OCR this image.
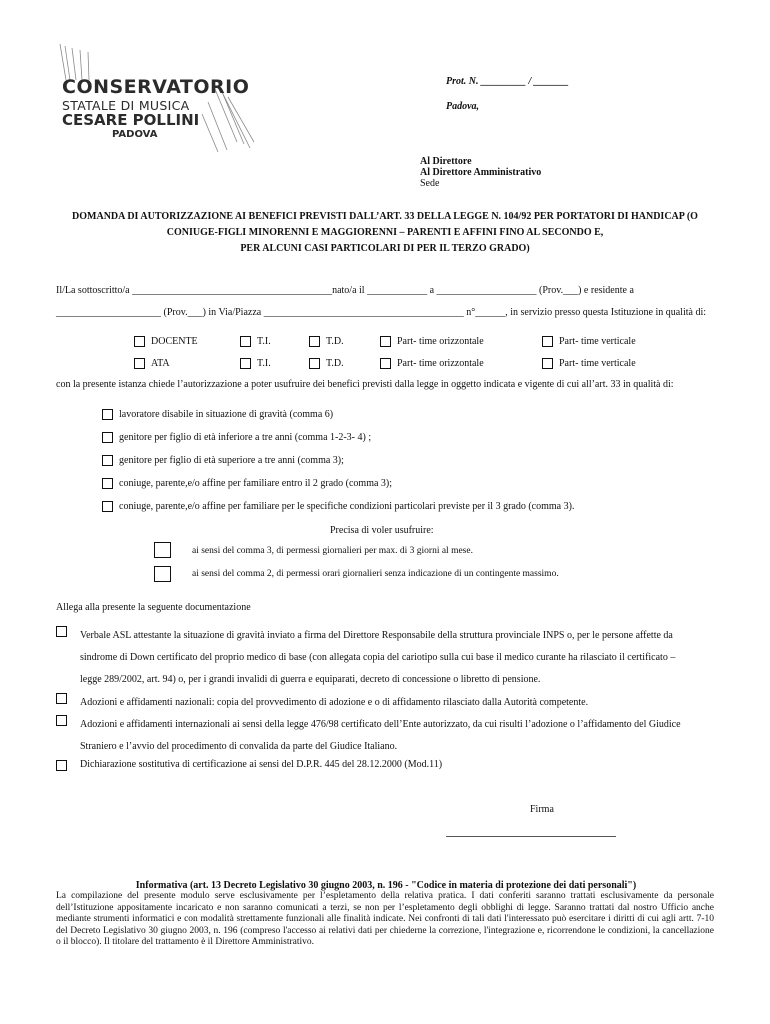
CONSERVATORIO
STATALE DI MUSICA
CESARE POLLINI
PADOVA
Prot. N. _________ / _______
Padova,
Al Direttore
Al Direttore Amministrativo
Sede
DOMANDA DI AUTORIZZAZIONE AI BENEFICI PREVISTI DALL’ART. 33 DELLA LEGGE N. 104/92 PER PORTATORI DI HANDICAP (O
CONIUGE-FIGLI MINORENNI E MAGGIORENNI – PARENTI E AFFINI FINO AL SECONDO E,
PER ALCUNI CASI PARTICOLARI DI PER IL TERZO GRADO)
Il/La sottoscritto/a ________________________________________nato/a il ____________ a ____________________ (Prov.___) e residente a
_____________________ (Prov.___) in Via/Piazza ________________________________________ n°______, in servizio presso questa Istituzione in qualità di:
DOCENTE	T.I.	T.D.	Part- time orizzontale	Part- time verticale
ATA	T.I.	T.D.	Part- time orizzontale	Part- time verticale
con la presente istanza chiede l’autorizzazione a poter usufruire dei benefici previsti dalla legge in oggetto indicata e vigente di cui all’art. 33 in qualità di:
lavoratore disabile in situazione di gravità (comma 6)
genitore per figlio di età inferiore a tre anni (comma 1-2-3- 4) ;
genitore per figlio di età superiore a tre anni (comma 3);
coniuge, parente,e/o affine per familiare entro il 2 grado (comma 3);
coniuge, parente,e/o affine per familiare per le specifiche condizioni particolari previste per il 3 grado (comma 3).
Precisa di voler usufruire:
ai sensi del comma 3, di permessi giornalieri per max. di 3 giorni al mese.
ai sensi del comma 2, di permessi orari giornalieri senza indicazione di un contingente massimo.
Allega alla presente la seguente documentazione
Verbale ASL attestante la situazione di gravità inviato a firma del Direttore Responsabile della struttura provinciale INPS o, per le persone affette da
sindrome di Down certificato del proprio medico di base (con allegata copia del cariotipo sulla cui base il medico curante ha rilasciato il certificato –
legge 289/2002, art. 94) o, per i grandi invalidi di guerra e equiparati, decreto di concessione o libretto di pensione.
Adozioni e affidamenti nazionali: copia del provvedimento di adozione e o di affidamento rilasciato dalla Autorità competente.
Adozioni e affidamenti internazionali ai sensi della legge 476/98 certificato dell’Ente autorizzato, da cui risulti l’adozione o l’affidamento del Giudice
Straniero e l’avvio del procedimento di convalida da parte del Giudice Italiano.
Dichiarazione sostitutiva di certificazione ai sensi del D.P.R. 445 del 28.12.2000 (Mod.11)
Firma
Informativa (art. 13 Decreto Legislativo 30 giugno 2003, n. 196 - "Codice in materia di protezione dei dati personali")
La compilazione del presente modulo serve esclusivamente per l’espletamento della relativa pratica. I dati conferiti saranno trattati esclusivamente da personale dell’Istituzione appositamente incaricato e non saranno comunicati a terzi, se non per l’espletamento degli obblighi di legge. Saranno trattati dal nostro Ufficio anche mediante strumenti informatici e con modalità strettamente funzionali alle finalità indicate. Nei confronti di tali dati l'interessato può esercitare i diritti di cui agli artt. 7-10 del Decreto Legislativo 30 giugno 2003, n. 196 (compreso l'accesso ai relativi dati per chiederne la correzione, l'integrazione e, ricorrendone le condizioni, la cancellazione o il blocco). Il titolare del trattamento è il Direttore Amministrativo.
